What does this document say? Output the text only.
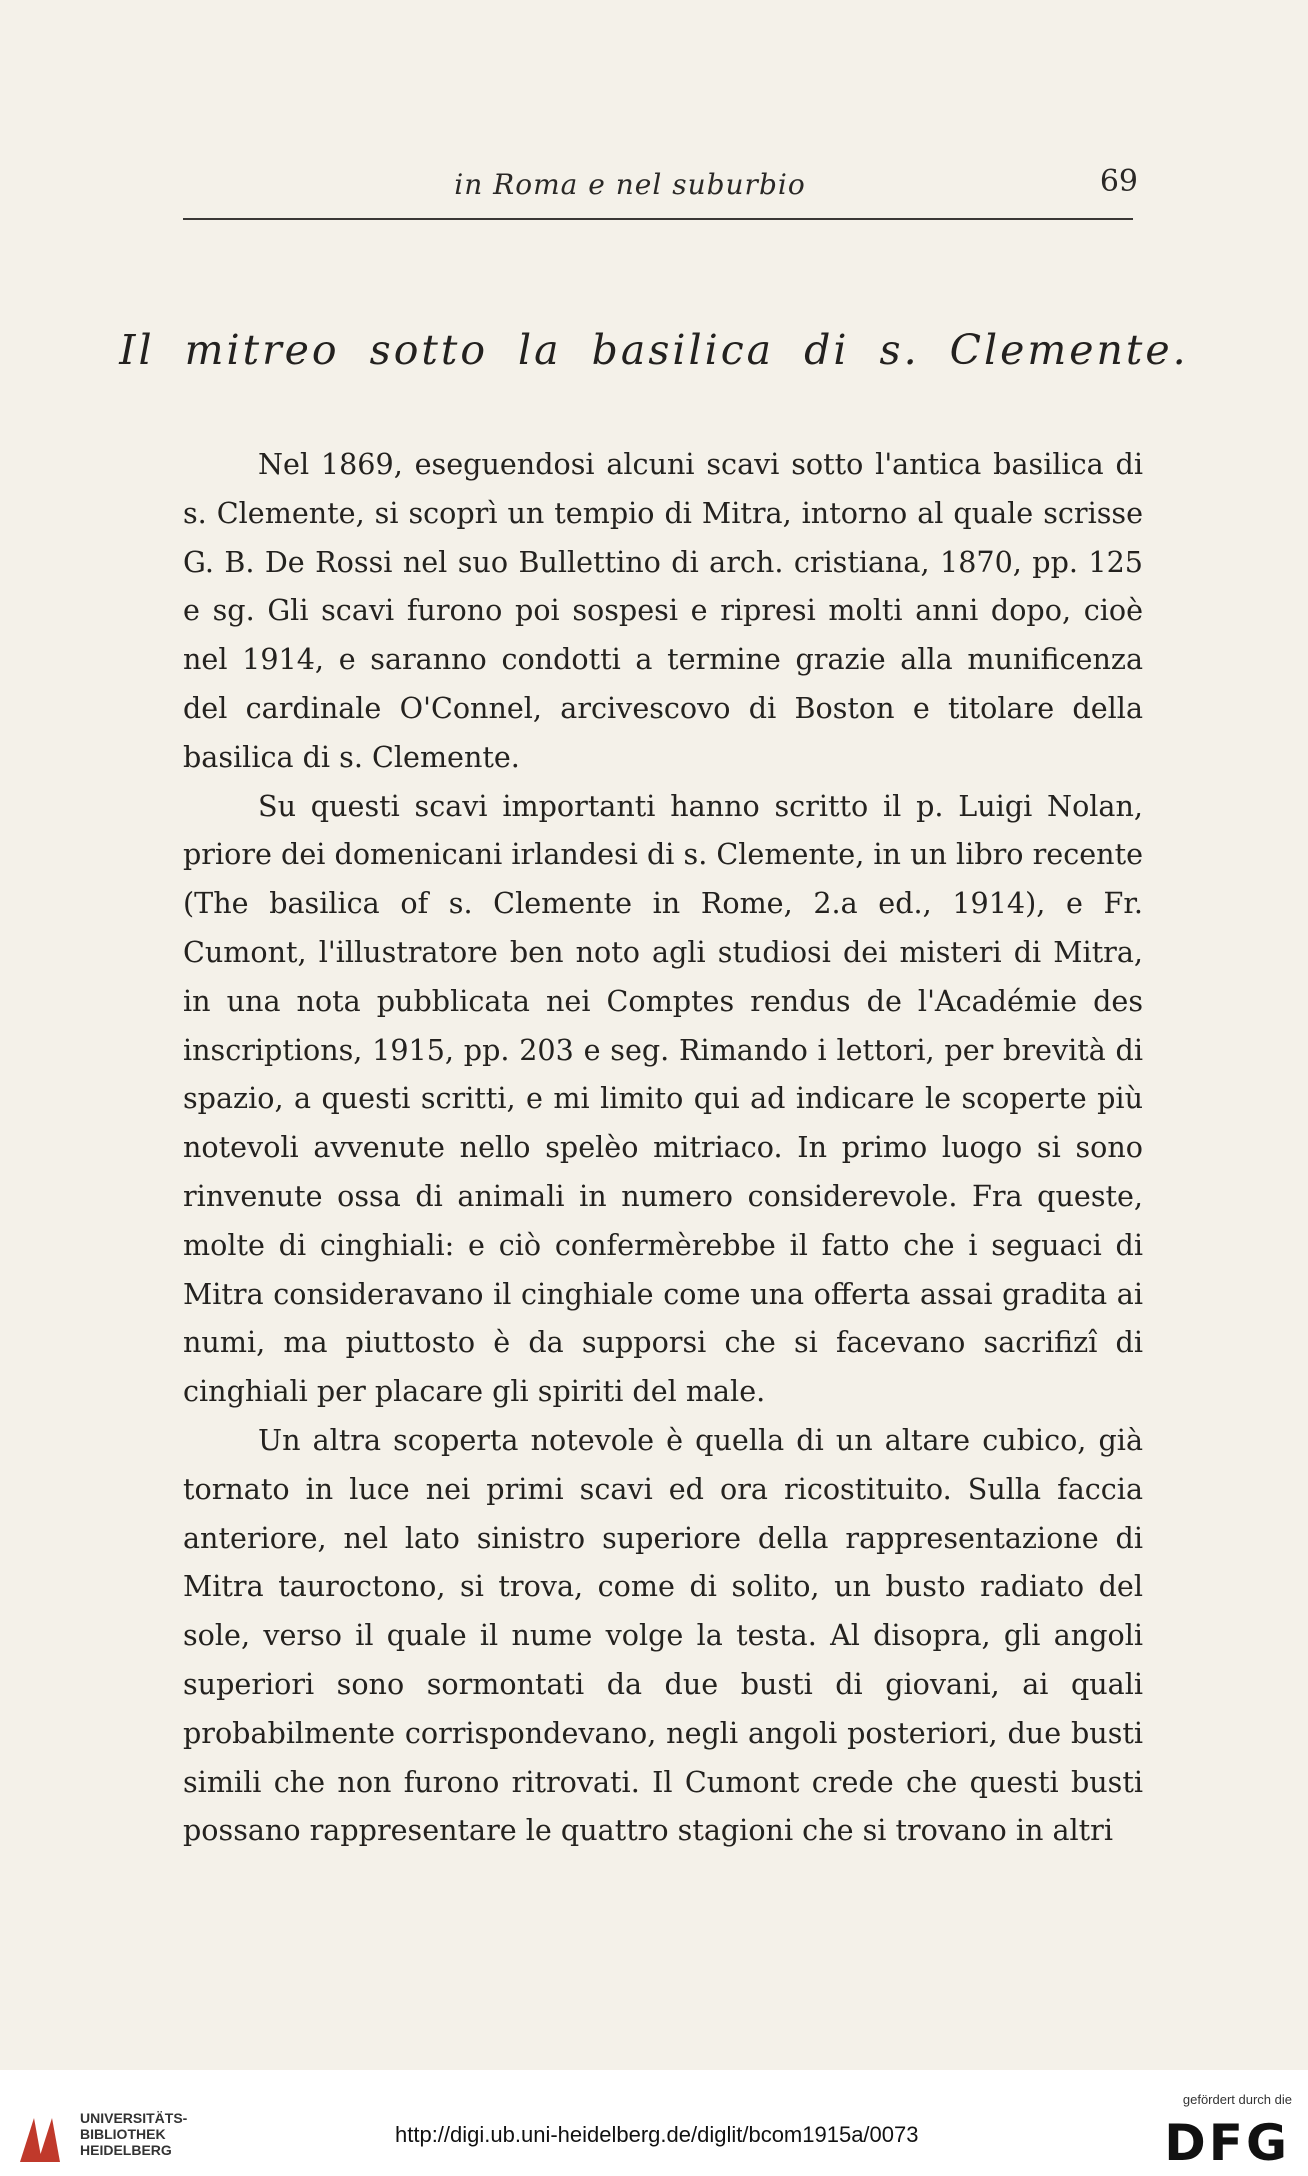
in Roma e nel suburbio	69
Il mitreo sotto la basilica di s. Clemente.

Nel 1869, eseguendosi alcuni scavi sotto l'antica basilica di s. Clemente, si scoprì un tempio di Mitra, intorno al quale scrisse G. B. De Rossi nel suo Bullettino di arch. cristiana, 1870, pp. 125 e sg. Gli scavi furono poi sospesi e ripresi molti anni dopo, cioè nel 1914, e saranno condotti a termine grazie alla munificenza del cardinale O'Connel, arcivescovo di Boston e titolare della basilica di s. Clemente.

Su questi scavi importanti hanno scritto il p. Luigi Nolan, priore dei domenicani irlandesi di s. Clemente, in un libro recente (The basilica of s. Clemente in Rome, 2.a ed., 1914), e Fr. Cumont, l'illustratore ben noto agli studiosi dei misteri di Mitra, in una nota pubblicata nei Comptes rendus de l'Académie des inscriptions, 1915, pp. 203 e seg. Rimando i lettori, per brevità di spazio, a questi scritti, e mi limito qui ad indicare le scoperte più notevoli avvenute nello spelèo mitriaco. In primo luogo si sono rinvenute ossa di animali in numero considerevole. Fra queste, molte di cinghiali: e ciò confermèrebbe il fatto che i seguaci di Mitra consideravano il cinghiale come una offerta assai gradita ai numi, ma piuttosto è da supporsi che si facevano sacrifizî di cinghiali per placare gli spiriti del male.

Un altra scoperta notevole è quella di un altare cubico, già tornato in luce nei primi scavi ed ora ricostituito. Sulla faccia anteriore, nel lato sinistro superiore della rappresentazione di Mitra tauroctono, si trova, come di solito, un busto radiato del sole, verso il quale il nume volge la testa. Al disopra, gli angoli superiori sono sormontati da due busti di giovani, ai quali probabilmente corrispondevano, negli angoli posteriori, due busti simili che non furono ritrovati. Il Cumont crede che questi busti possano rappresentare le quattro stagioni che si trovano in altri

UNIVERSITÄTS-
BIBLIOTHEK
HEIDELBERG
http://digi.ub.uni-heidelberg.de/diglit/bcom1915a/0073
gefördert durch die
DFG
